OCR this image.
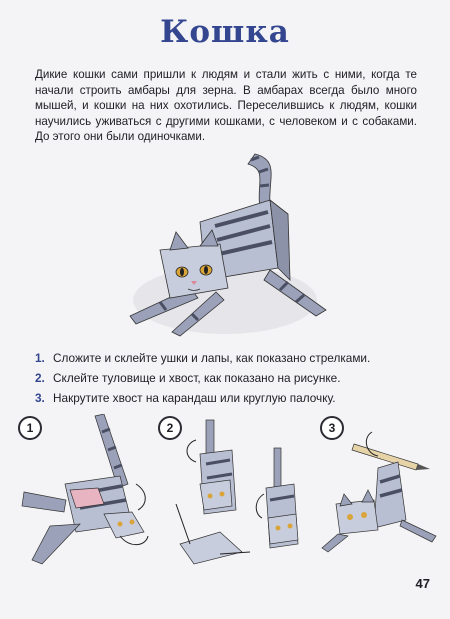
Кошка
Дикие кошки сами пришли к людям и стали жить с ними, когда те начали строить амбары для зерна. В амбарах всегда было много мышей, и кошки на них охотились. Переселившись к людям, кошки научились уживаться с другими кошками, с человеком и с собаками. До этого они были одиночками.
1. Сложите и склейте ушки и лапы, как показано стрелками.
2. Склейте туловище и хвост, как показано на рисунке.
3. Накрутите хвост на карандаш или круглую палочку.
1	2	3
47
